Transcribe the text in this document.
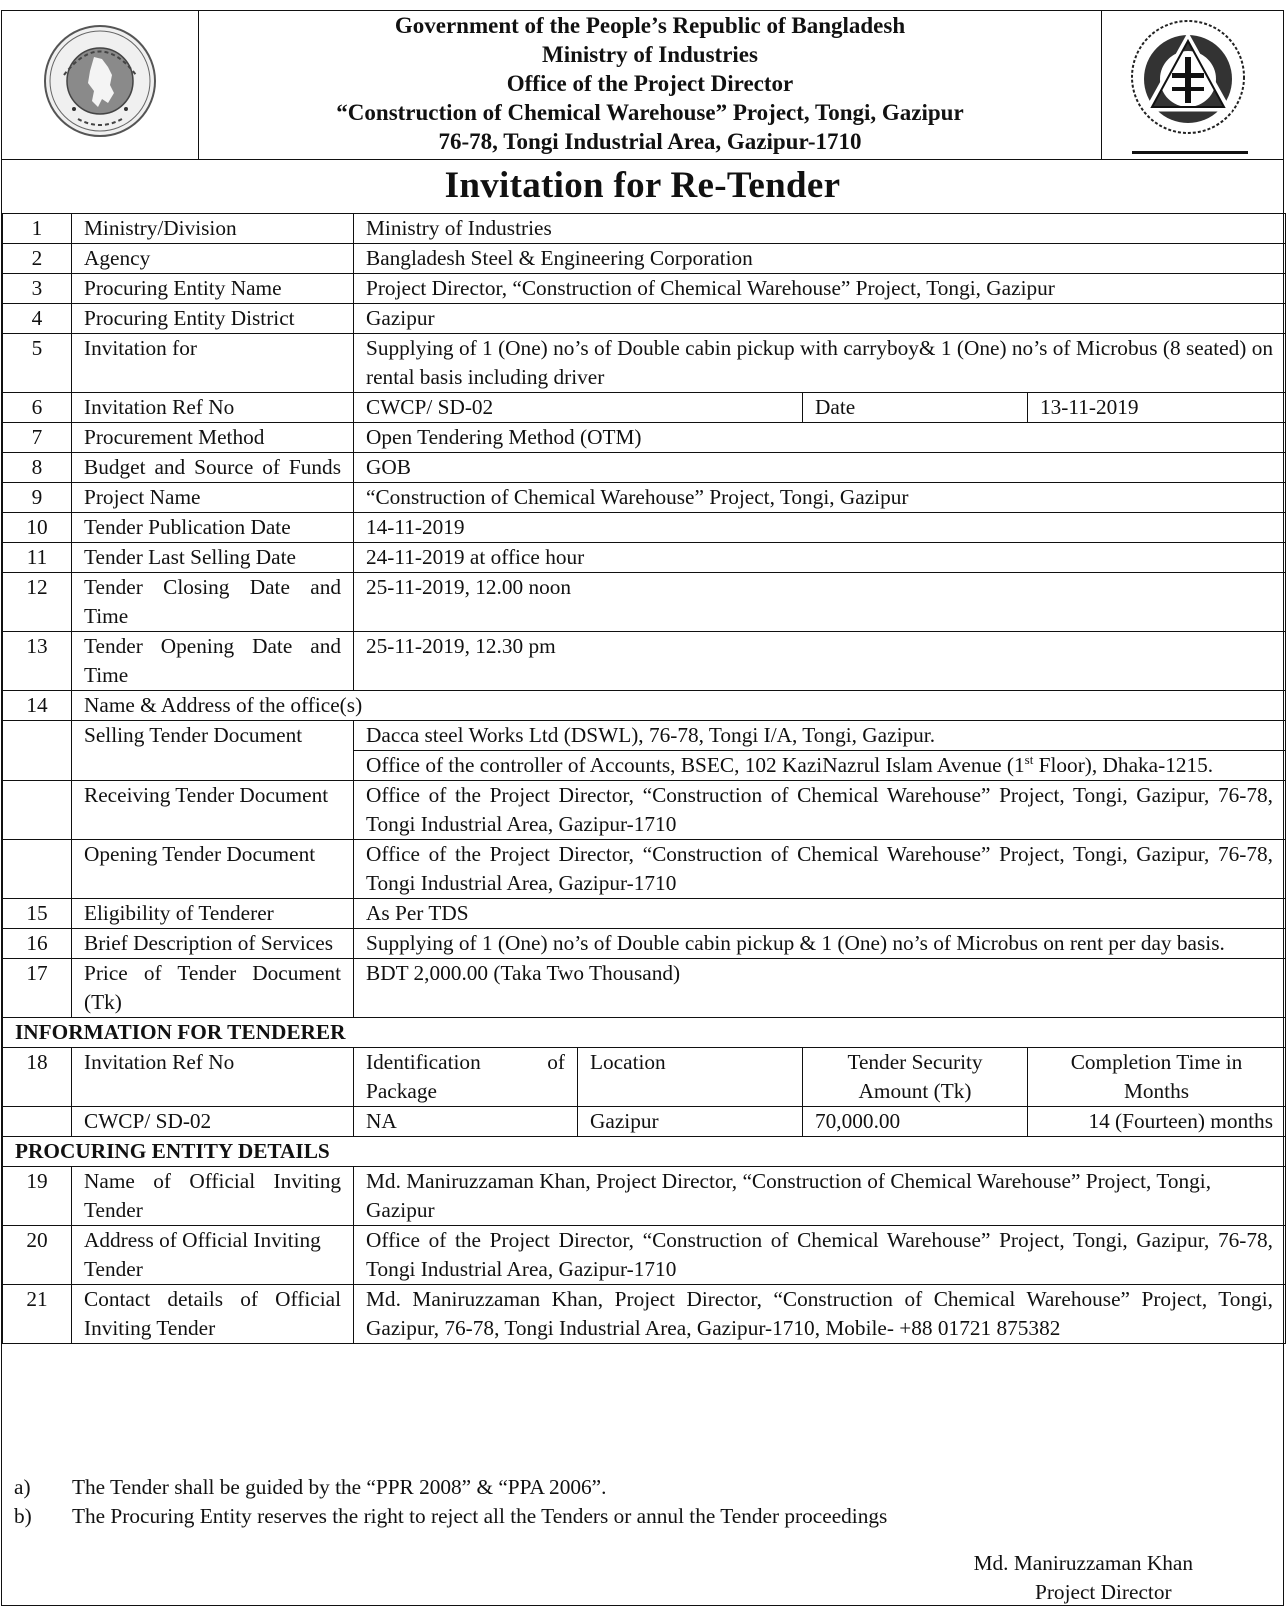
Government of the People’s Republic of Bangladesh
Ministry of Industries
Office of the Project Director
“Construction of Chemical Warehouse” Project, Tongi, Gazipur
76-78, Tongi Industrial Area, Gazipur-1710
Invitation for Re-Tender
1	Ministry/Division	Ministry of Industries			
2	Agency	Bangladesh Steel & Engineering Corporation			
3	Procuring Entity Name	Project Director, “Construction of Chemical Warehouse” Project, Tongi, Gazipur			
4	Procuring Entity District	Gazipur			
5	Invitation for	Supplying of 1 (One) no’s of Double cabin pickup with carryboy& 1 (One) no’s of Microbus (8 seated) on rental basis including driver			
6	Invitation Ref No	CWCP/ SD-02		Date	13-11-2019
7	Procurement Method	Open Tendering Method (OTM)			
8	Budget and Source of Funds	GOB			
9	Project Name	“Construction of Chemical Warehouse” Project, Tongi, Gazipur			
10	Tender Publication Date	14-11-2019			
11	Tender Last Selling Date	24-11-2019 at office hour			
12	Tender Closing Date and Time	25-11-2019, 12.00 noon			
13	Tender Opening Date and Time	25-11-2019, 12.30 pm			
14	Name & Address of the office(s)				
	Selling Tender Document	Dacca steel Works Ltd (DSWL), 76-78, Tongi I/A, Tongi, Gazipur.			
		Office of the controller of Accounts, BSEC, 102 KaziNazrul Islam Avenue (1st Floor), Dhaka-1215.			
	Receiving Tender Document	Office of the Project Director, “Construction of Chemical Warehouse” Project, Tongi, Gazipur, 76-78, Tongi Industrial Area, Gazipur-1710			
	Opening Tender Document	Office of the Project Director, “Construction of Chemical Warehouse” Project, Tongi, Gazipur, 76-78, Tongi Industrial Area, Gazipur-1710			
15	Eligibility of Tenderer	As Per TDS			
16	Brief Description of Services	Supplying of 1 (One) no’s of Double cabin pickup & 1 (One) no’s of Microbus on rent per day basis.			
17	Price of Tender Document (Tk)	BDT 2,000.00 (Taka Two Thousand)			
INFORMATION FOR TENDERER					
18	Invitation Ref No	Identification of Package	Location	Tender Security Amount (Tk)	Completion Time in Months
	CWCP/ SD-02	NA	Gazipur	70,000.00	14 (Fourteen) months
PROCURING ENTITY DETAILS					
19	Name of Official Inviting Tender	Md. Maniruzzaman Khan, Project Director, “Construction of Chemical Warehouse” Project, Tongi, Gazipur			
20	Address of Official Inviting Tender	Office of the Project Director, “Construction of Chemical Warehouse” Project, Tongi, Gazipur, 76-78, Tongi Industrial Area, Gazipur-1710			
21	Contact details of Official Inviting Tender	Md. Maniruzzaman Khan, Project Director, “Construction of Chemical Warehouse” Project, Tongi, Gazipur, 76-78, Tongi Industrial Area, Gazipur-1710, Mobile- +88 01721 875382			
a) The Tender shall be guided by the “PPR 2008” & “PPA 2006”.
b) The Procuring Entity reserves the right to reject all the Tenders or annul the Tender proceedings
Md. Maniruzzaman Khan
Project Director
